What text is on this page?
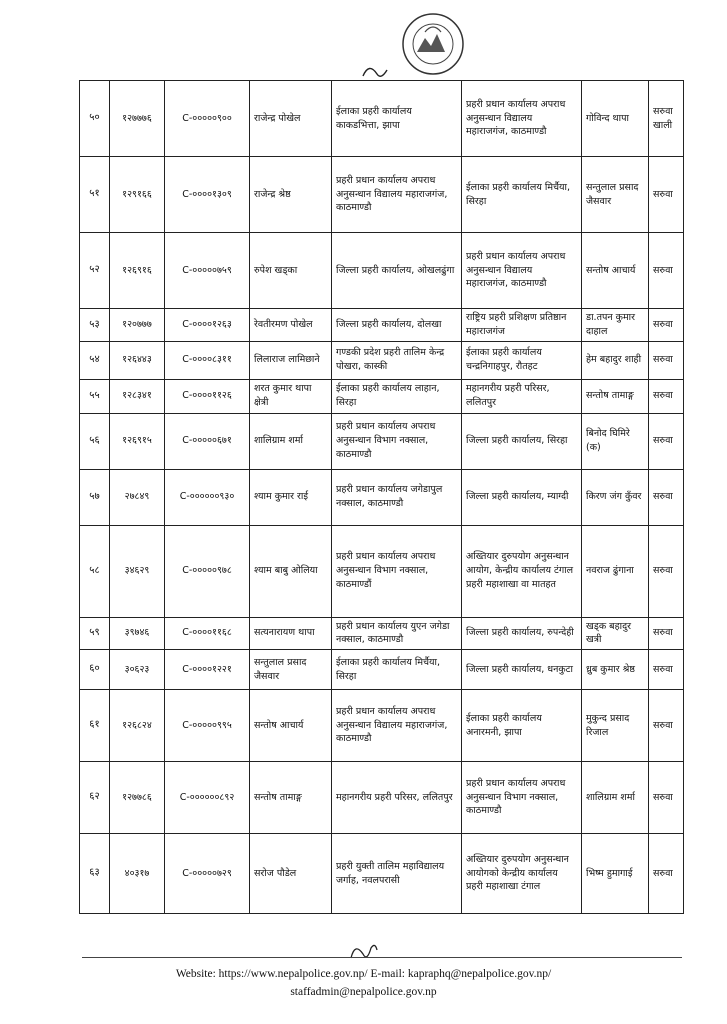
५०	१२७७७६	C-०००००९००	राजेन्द्र पोखेल	ईलाका प्रहरी कार्यालय काकडभित्ता, झापा	प्रहरी प्रधान कार्यालय अपराध अनुसन्धान विद्यालय महाराजगंज, काठमाण्डौ	गोविन्द थापा	सरुवा खाली
५१	१२९१६६	C-००००१३०९	राजेन्द्र श्रेष्ठ	प्रहरी प्रधान कार्यालय अपराध अनुसन्धान विद्यालय महाराजगंज, काठमाण्डौ	ईलाका प्रहरी कार्यालय मिर्चैया, सिरहा	सन्तुलाल प्रसाद जैसवार	सरुवा
५२	१२६९१६	C-०००००७५९	रुपेश खड्का	जिल्ला प्रहरी कार्यालय, ओखलढुंगा	प्रहरी प्रधान कार्यालय अपराध अनुसन्धान विद्यालय महाराजगंज, काठमाण्डौ	सन्तोष आचार्य	सरुवा
५३	१२०७७७	C-००००१२६३	रेवतीरमण पोखेल	जिल्ला प्रहरी कार्यालय, दोलखा	राष्ट्रिय प्रहरी प्रशिक्षण प्रतिष्ठान महाराजगंज	डा.तपन कुमार दाहाल	सरुवा
५४	१२६४४३	C-००००८३११	लिलाराज लामिछाने	गण्डकी प्रदेश प्रहरी तालिम केन्द्र पोखरा, कास्की	ईलाका प्रहरी कार्यालय चन्द्रनिगाहपुर, रौतहट	हेम बहादुर शाही	सरुवा
५५	१२८३४१	C-००००११२६	शरत कुमार थापा क्षेत्री	ईलाका प्रहरी कार्यालय लाहान, सिरहा	महानगरीय प्रहरी परिसर, ललितपुर	सन्तोष तामाङ्ग	सरुवा
५६	१२६९१५	C-०००००६७१	शालिग्राम शर्मा	प्रहरी प्रधान कार्यालय अपराध अनुसन्धान विभाग नक्साल, काठमाण्डौ	जिल्ला प्रहरी कार्यालय, सिरहा	बिनोद घिमिरे (क)	सरुवा
५७	२७८४९	C-००००००९३०	श्याम कुमार राई	प्रहरी प्रधान कार्यालय जगेडापुल नक्साल, काठमाण्डौ	जिल्ला प्रहरी कार्यालय, म्याग्दी	किरण जंग कुँवर	सरुवा
५८	३४६२९	C-०००००९७८	श्याम बाबु ओलिया	प्रहरी प्रधान कार्यालय अपराध अनुसन्धान विभाग नक्साल, काठमाण्डौं	अख्तियार दुरुपयोग अनुसन्धान आयोग, केन्द्रीय कार्यालय टंगाल प्रहरी महाशाखा वा मातहत	नवराज ढुंगाना	सरुवा
५९	३९७४६	C-००००११६८	सत्यनारायण थापा	प्रहरी प्रधान कार्यालय युएन जगेडा नक्साल, काठमाण्डौ	जिल्ला प्रहरी कार्यालय, रुपन्देही	खड्क बहादुर खत्री	सरुवा
६०	३०६२३	C-००००१२२१	सन्तुलाल प्रसाद जैसवार	ईलाका प्रहरी कार्यालय मिर्चैया, सिरहा	जिल्ला प्रहरी कार्यालय, धनकुटा	ध्रुब कुमार श्रेष्ठ	सरुवा
६१	१२६८२४	C-०००००९९५	सन्तोष आचार्य	प्रहरी प्रधान कार्यालय अपराध अनुसन्धान विद्यालय महाराजगंज, काठमाण्डौ	ईलाका प्रहरी कार्यालय अनारमनी, झापा	मुकुन्द प्रसाद रिजाल	सरुवा
६२	१२७७८६	C-००००००८९२	सन्तोष तामाङ्ग	महानगरीय प्रहरी परिसर, ललितपुर	प्रहरी प्रधान कार्यालय अपराध अनुसन्धान विभाग नक्साल, काठमाण्डौ	शालिग्राम शर्मा	सरुवा
६३	४०३१७	C-०००००७२९	सरोज पौडेल	प्रहरी युक्ती तालिम महाविद्यालय जर्गाह, नवलपरासी	अख्तियार दुरुपयोग अनुसन्धान आयोगको केन्द्रीय कार्यालय प्रहरी महाशाखा टंगाल	भिष्म हुमागाई	सरुवा
Website: https://www.nepalpolice.gov.np/ E-mail: kapraphq@nepalpolice.gov.np/
staffadmin@nepalpolice.gov.np
